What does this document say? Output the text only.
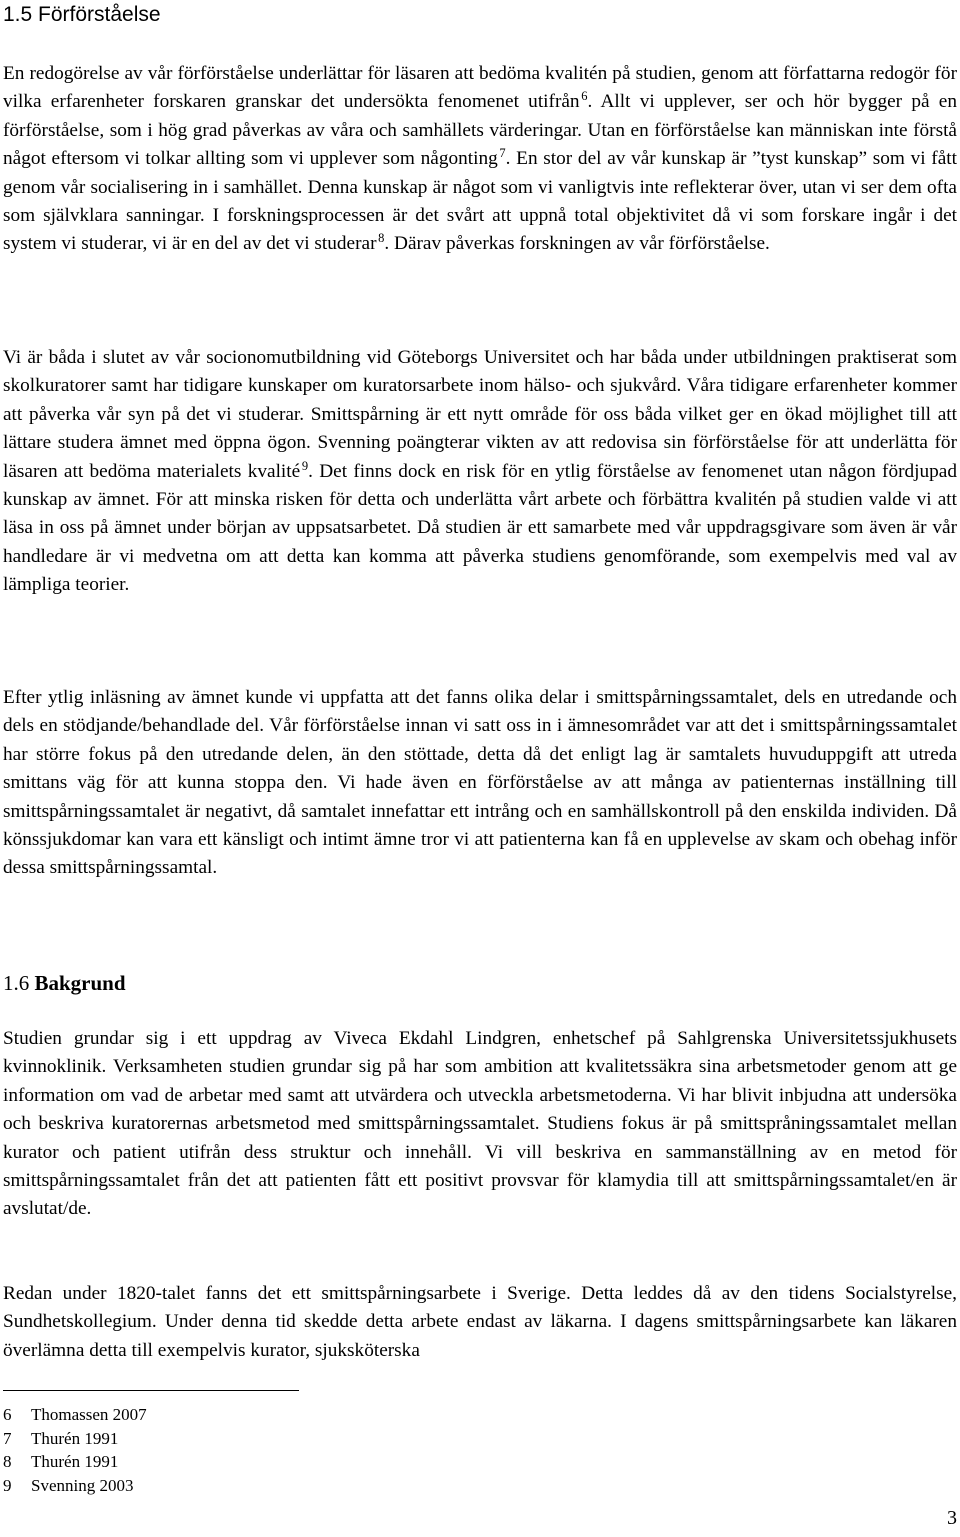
1.5 Förförståelse

En redogörelse av vår förförståelse underlättar för läsaren att bedöma kvalitén på studien, genom att författarna redogör för vilka erfarenheter forskaren granskar det undersökta fenomenet utifrån  $^6$. Allt vi upplever, ser och hör bygger på en förförståelse, som i hög grad påverkas av våra och samhällets värderingar. Utan en förförståelse kan människan inte förstå något eftersom vi tolkar allting som vi upplever som någonting  $^7$. En stor del av vår kunskap är ”tyst kunskap” som vi fått genom vår socialisering in i samhället. Denna kunskap är något som vi vanligtvis inte reflekterar över, utan vi ser dem ofta som självklara sanningar. I forskningsprocessen är det svårt att uppnå total objektivitet då vi som forskare ingår i det system vi studerar, vi är en del av det vi studerar  $^8$. Därav påverkas forskningen av vår förförståelse.

Vi är båda i slutet av vår socionomutbildning vid Göteborgs Universitet och har båda under utbildningen praktiserat som skolkuratorer samt har tidigare kunskaper om kuratorsarbete inom hälso- och sjukvård. Våra tidigare erfarenheter kommer att påverka vår syn på det vi studerar. Smittspårning är ett nytt område för oss båda vilket ger en ökad möjlighet till att lättare studera ämnet med öppna ögon. Svenning poängterar vikten av att redovisa sin förförståelse för att underlätta för läsaren att bedöma materialets kvalité  $^9$. Det finns dock en risk för en ytlig förståelse av fenomenet utan någon fördjupad kunskap av ämnet. För att minska risken för detta och underlätta vårt arbete och förbättra kvalitén på studien valde vi att läsa in oss på ämnet under början av uppsatsarbetet. Då studien är ett samarbete med vår uppdragsgivare som även är vår handledare är vi medvetna om att detta kan komma att påverka studiens genomförande, som exempelvis med val av lämpliga teorier.

Efter ytlig inläsning av ämnet kunde vi uppfatta att det fanns olika delar i smittspårningssamtalet, dels en utredande och dels en stödjande/behandlade del. Vår förförståelse innan vi satt oss in i ämnesområdet var att det i smittspårningssamtalet har större fokus på den utredande delen, än den stöttade, detta då det enligt lag är samtalets huvuduppgift att utreda smittans väg för att kunna stoppa den. Vi hade även en förförståelse av att många av patienternas inställning till smittspårningssamtalet är negativt, då samtalet innefattar ett intrång och en samhällskontroll på den enskilda individen. Då könssjukdomar kan vara ett känsligt och intimt ämne tror vi att patienterna kan få en upplevelse av skam och obehag inför dessa smittspårningssamtal.

1.6 Bakgrund

Studien grundar sig i ett uppdrag av Viveca Ekdahl Lindgren, enhetschef på Sahlgrenska Universitetssjukhusets kvinnoklinik. Verksamheten studien grundar sig på har som ambition att kvalitetssäkra sina arbetsmetoder genom att ge information om vad de arbetar med samt att utvärdera och utveckla arbetsmetoderna. Vi har blivit inbjudna att undersöka och beskriva kuratorernas arbetsmetod med smittspårningssamtalet. Studiens fokus är på smittspråningssamtalet mellan kurator och patient utifrån dess struktur och innehåll. Vi vill beskriva en sammanställning av en metod för smittspårningssamtalet från det att patienten fått ett positivt provsvar för klamydia till att smittspårningssamtalet/en är avslutat/de.

Redan under 1820-talet fanns det ett smittspårningsarbete i Sverige. Detta leddes då av den tidens Socialstyrelse, Sundhetskollegium. Under denna tid skedde detta arbete endast av läkarna. I dagens smittspårningsarbete kan läkaren överlämna detta till exempelvis kurator, sjuksköterska

6 Thomassen 2007
7 Thurén 1991
8 Thurén 1991
9 Svenning 2003
3
